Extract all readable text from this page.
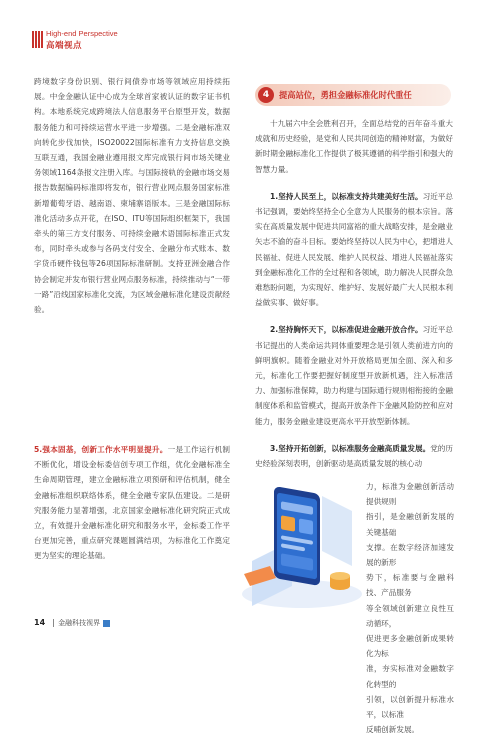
High-end Perspective
高端视点

跨境数字身份识别、银行间债券市场等领域应用持续拓展。中金金融认证中心成为全球首家被认证的数字证书机构。本地系统完成跨境法人信息服务平台原型开发，数据服务能力和可持续运营水平进一步增强。二是金融标准双向转化步伐加快，ISO20022国际标准有力支持信息交换互联互通，我国金融业遵用报文库完成银行间市场关键业务领域1164条报文注册入库。与国际接轨的金融市场交易报告数据编码标准即将发布，银行营业网点服务国家标准新增葡萄牙语、越南语、柬埔寨语版本。三是金融国际标准化活动多点开花，在ISO、ITU等国际组织框架下，我国牵头的第三方支付服务、可持续金融术语国际标准正式发布，同时牵头或参与各码支付安全、金融分布式账本、数字货币硬件钱包等26项国际标准研制。支持亚洲金融合作协会制定并发布银行营业网点服务标准，持续推动与“一带一路”沿线国家标准化交流，为区域金融标准化建设贡献经验。

5.强本固基，创新工作水平明显提升。一是工作运行机制不断优化，增设金标委信创专项工作组，优化金融标准全生命周期管理，建立金融标准立项预研和评估机制，健全金融标准组织联络体系，健全金融专家队伍建设。二是研究服务能力显著增强，北京国家金融标准化研究院正式成立，有效提升金融标准化研究和服务水平，金标委工作平台更加完善，重点研究课题圆满结项，为标准化工作奠定更为坚实的理论基础。

4	提高站位，勇担金融标准化时代重任

十九届六中全会胜利召开，全面总结党的百年奋斗重大成就和历史经验，是党和人民共同创造的精神财富，为做好新时期金融标准化工作提供了极其遵循的科学指引和强大的智慧力量。

1.坚持人民至上，以标准支持共建美好生活。习近平总书记强调，要始终坚持全心全意为人民服务的根本宗旨。落实在高质量发展中促进共同富裕的重大战略安排，是金融业矢志不渝的奋斗目标。要始终坚持以人民为中心，把增进人民福祉、促进人民发展、维护人民权益、增进人民福祉落实到金融标准化工作的全过程和各领域，助力解决人民群众急难愁盼问题，为实现好、维护好、发展好最广大人民根本利益做实事、做好事。

2.坚持胸怀天下，以标准促进金融开放合作。习近平总书记提出的人类命运共同体重要理念是引领人类前进方向的鲜明旗帜。随着金融业对外开放格局更加全面、深入和多元，标准化工作要把握好制度型开放新机遇，注入标准活力、加强标准保障，助力构建与国际通行规则相衔接的金融制度体系和监管模式，提高开放条件下金融风险防控和应对能力，服务金融业建设更高水平开放型新体制。

3.坚持开拓创新，以标准服务金融高质量发展。党的历史经验深刻表明，创新驱动是高质量发展的核心动

力，标准为金融创新活动提供规则
指引，是金融创新发展的关键基础
支撑。在数字经济加速发展的新形
势下，标准要与金融科技、产品服务
等全领域创新建立良性互动循环，
促进更多金融创新成果转化为标
准，夯实标准对金融数字化转型的
引领，以创新提升标准水平，以标准
反哺创新发展。
14 金融科技视界
